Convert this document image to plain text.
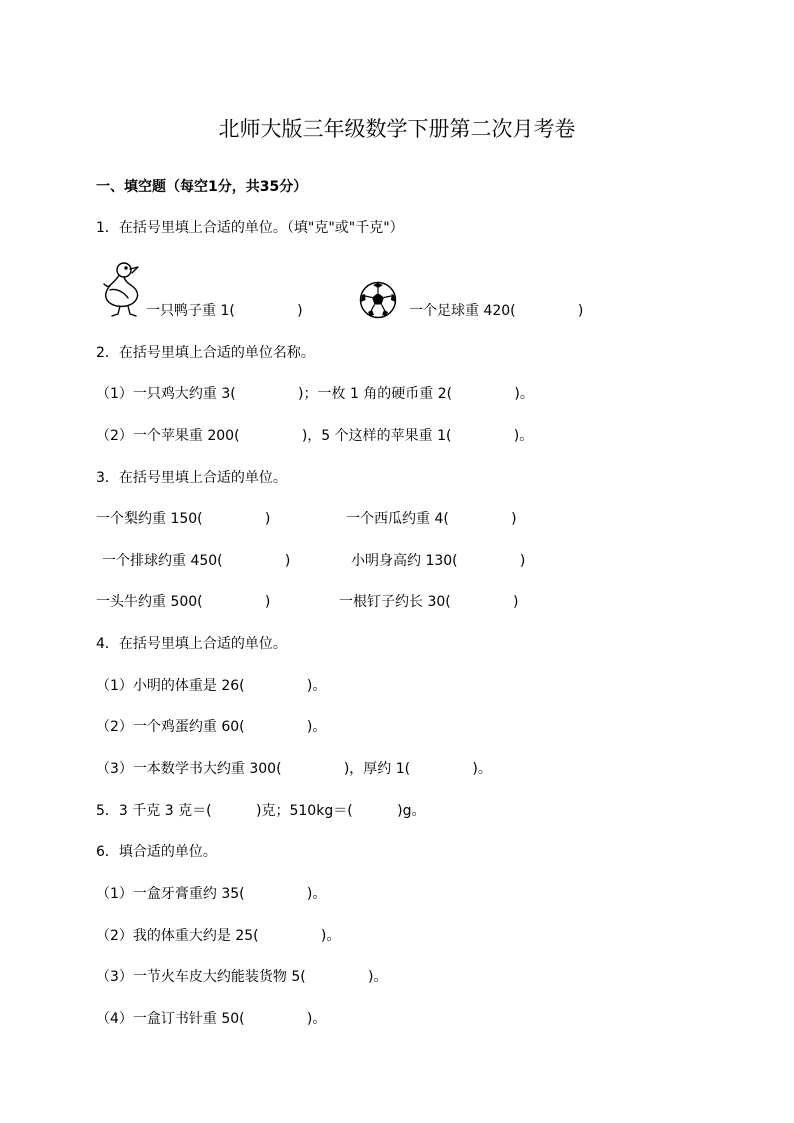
北师大版三年级数学下册第二次月考卷
一、填空题（每空1分，共35分）
1．在括号里填上合适的单位。（填"克"或"千克"）
一只鸭子重 1(              )	一个足球重 420(              )
2．在括号里填上合适的单位名称。
（1）一只鸡大约重 3(              )；一枚 1 角的硬币重 2(              )。
（2）一个苹果重 200(              )，5 个这样的苹果重 1(              )。
3．在括号里填上合适的单位。
一个梨约重 150(              )	一个西瓜约重 4(              )
一个排球约重 450(              )	小明身高约 130(              )
一头牛约重 500(              )	一根钉子约长 30(              )
4．在括号里填上合适的单位。
（1）小明的体重是 26(              )。
（2）一个鸡蛋约重 60(              )。
（3）一本数学书大约重 300(              )，厚约 1(              )。
5．3 千克 3 克＝(          )克；510kg＝(          )g。
6．填合适的单位。
（1）一盒牙膏重约 35(              )。
（2）我的体重大约是 25(              )。
（3）一节火车皮大约能装货物 5(              )。
（4）一盒订书针重 50(              )。
